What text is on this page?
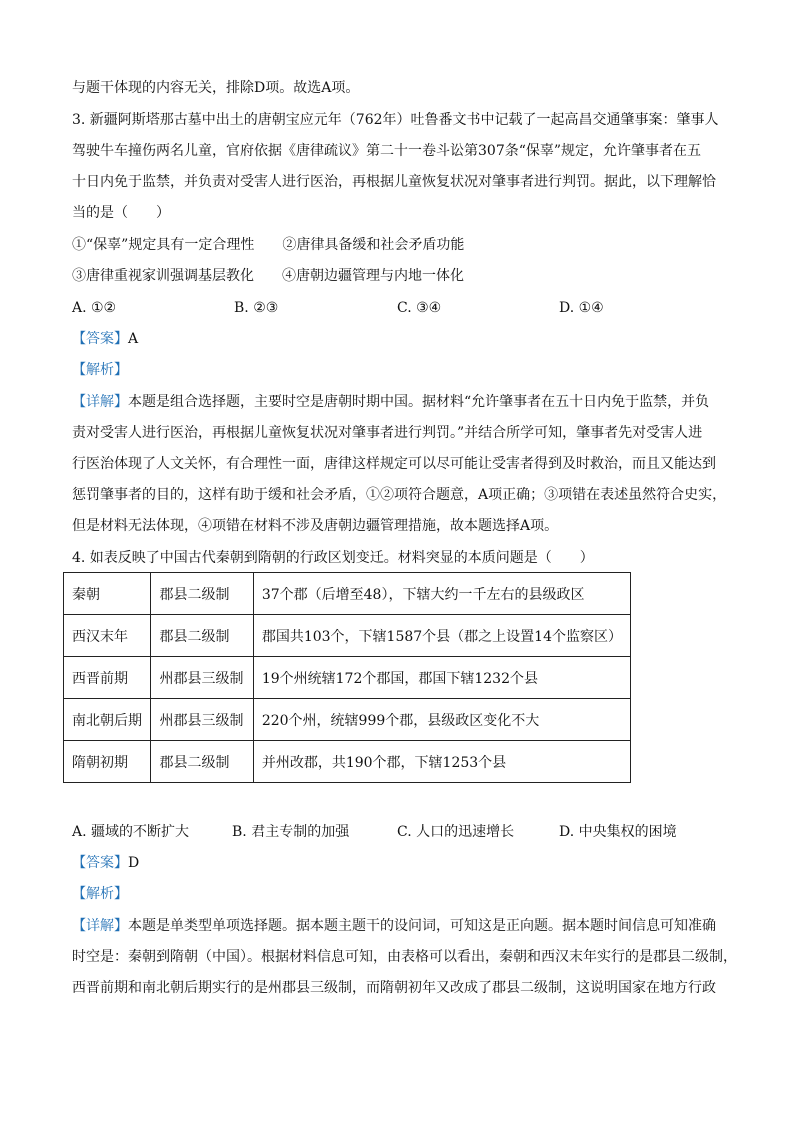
与题干体现的内容无关，排除D项。故选A项。
3. 新疆阿斯塔那古墓中出土的唐朝宝应元年（762年）吐鲁番文书中记载了一起高昌交通肇事案：肇事人
驾驶牛车撞伤两名儿童，官府依据《唐律疏议》第二十一卷斗讼第307条“保辜”规定，允许肇事者在五
十日内免于监禁，并负责对受害人进行医治，再根据儿童恢复状况对肇事者进行判罚。据此，以下理解恰
当的是（　　）
①“保辜”规定具有一定合理性　　②唐律具备缓和社会矛盾功能
③唐律重视家训强调基层教化　　④唐朝边疆管理与内地一体化
A. ①②	B. ②③	C. ③④	D. ①④
【答案】A
【解析】
【详解】本题是组合选择题，主要时空是唐朝时期中国。据材料“允许肇事者在五十日内免于监禁，并负
责对受害人进行医治，再根据儿童恢复状况对肇事者进行判罚。”并结合所学可知，肇事者先对受害人进
行医治体现了人文关怀，有合理性一面，唐律这样规定可以尽可能让受害者得到及时救治，而且又能达到
惩罚肇事者的目的，这样有助于缓和社会矛盾，①②项符合题意，A项正确；③项错在表述虽然符合史实，
但是材料无法体现，④项错在材料不涉及唐朝边疆管理措施，故本题选择A项。
4. 如表反映了中国古代秦朝到隋朝的行政区划变迁。材料突显的本质问题是（　　）
秦朝	郡县二级制	37个郡（后增至48），下辖大约一千左右的县级政区
西汉末年	郡县二级制	郡国共103个，下辖1587个县（郡之上设置14个监察区）
西晋前期	州郡县三级制	19个州统辖172个郡国，郡国下辖1232个县
南北朝后期	州郡县三级制	220个州，统辖999个郡，县级政区变化不大
隋朝初期	郡县二级制	并州改郡，共190个郡，下辖1253个县
A. 疆域的不断扩大	B. 君主专制的加强	C. 人口的迅速增长	D. 中央集权的困境
【答案】D
【解析】
【详解】本题是单类型单项选择题。据本题主题干的设问词，可知这是正向题。据本题时间信息可知准确
时空是：秦朝到隋朝（中国）。根据材料信息可知，由表格可以看出，秦朝和西汉末年实行的是郡县二级制，
西晋前期和南北朝后期实行的是州郡县三级制，而隋朝初年又改成了郡县二级制，这说明国家在地方行政
